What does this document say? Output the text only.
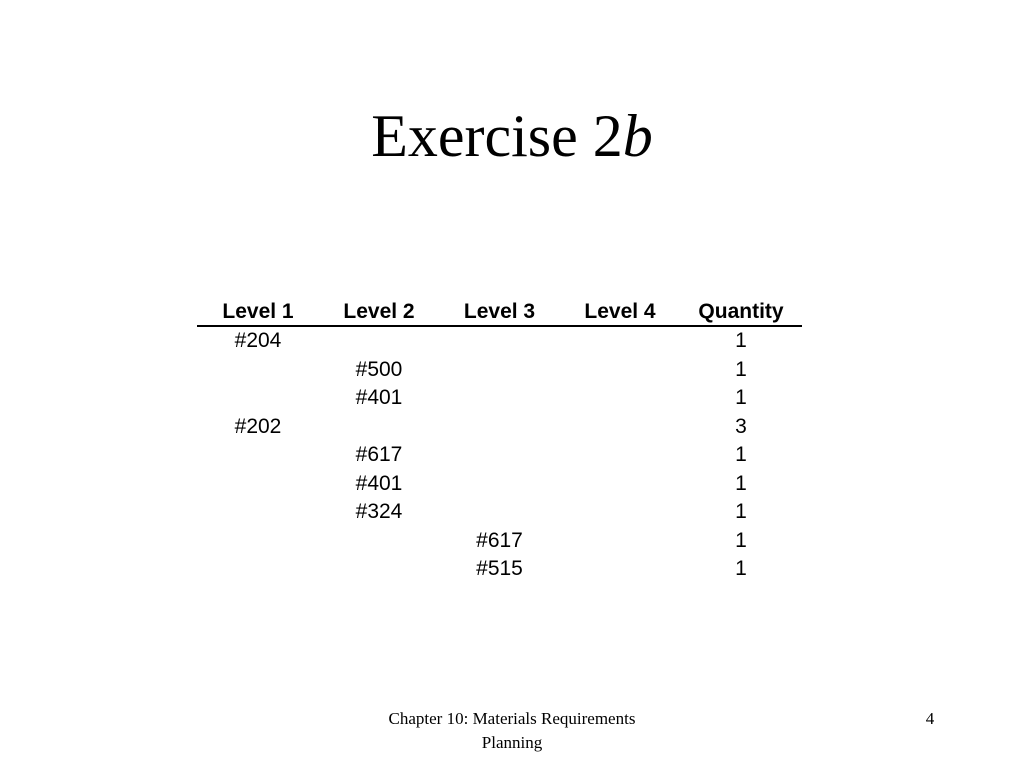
Exercise 2b
Level 1	Level 2	Level 3	Level 4	Quantity
#204				1
	#500			1
	#401			1
#202				3
	#617			1
	#401			1
	#324			1
		#617		1
		#515		1
Chapter 10: Materials Requirements
Planning
4
